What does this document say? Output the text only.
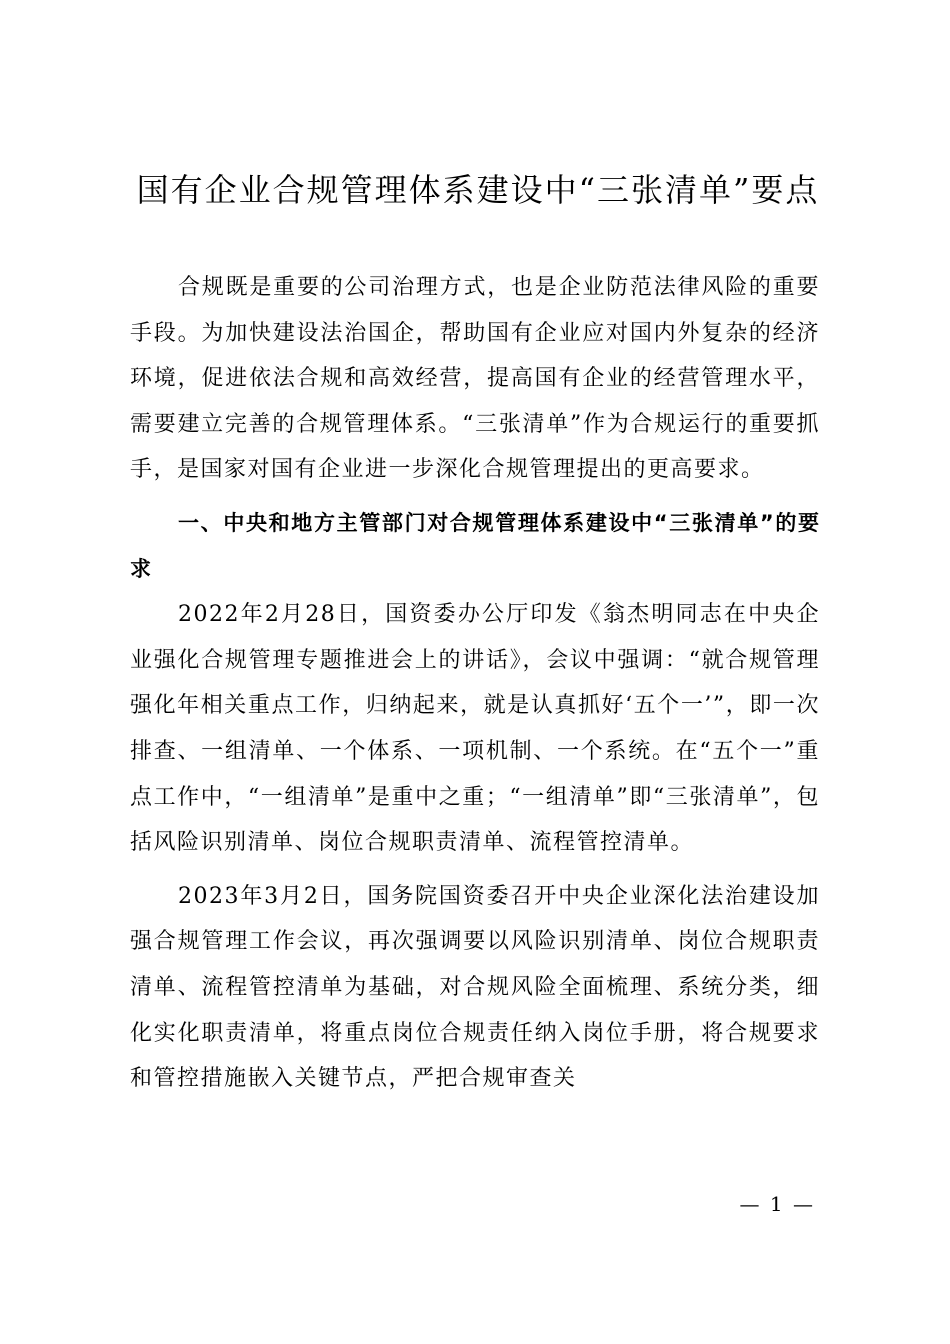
国有企业合规管理体系建设中“三张清单”要点

合规既是重要的公司治理方式，也是企业防范法律风险的重要手段。为加快建设法治国企，帮助国有企业应对国内外复杂的经济环境，促进依法合规和高效经营，提高国有企业的经营管理水平，需要建立完善的合规管理体系。“三张清单”作为合规运行的重要抓手，是国家对国有企业进一步深化合规管理提出的更高要求。

一、中央和地方主管部门对合规管理体系建设中“三张清单”的要求

2022年2月28日，国资委办公厅印发《翁杰明同志在中央企业强化合规管理专题推进会上的讲话》，会议中强调：“就合规管理强化年相关重点工作，归纳起来，就是认真抓好‘五个一’”，即一次排查、一组清单、一个体系、一项机制、一个系统。在“五个一”重点工作中，“一组清单”是重中之重；“一组清单”即“三张清单”，包括风险识别清单、岗位合规职责清单、流程管控清单。

2023年3月2日，国务院国资委召开中央企业深化法治建设加强合规管理工作会议，再次强调要以风险识别清单、岗位合规职责清单、流程管控清单为基础，对合规风险全面梳理、系统分类，细化实化职责清单，将重点岗位合规责任纳入岗位手册，将合规要求和管控措施嵌入关键节点，严把合规审查关

— 1 —
